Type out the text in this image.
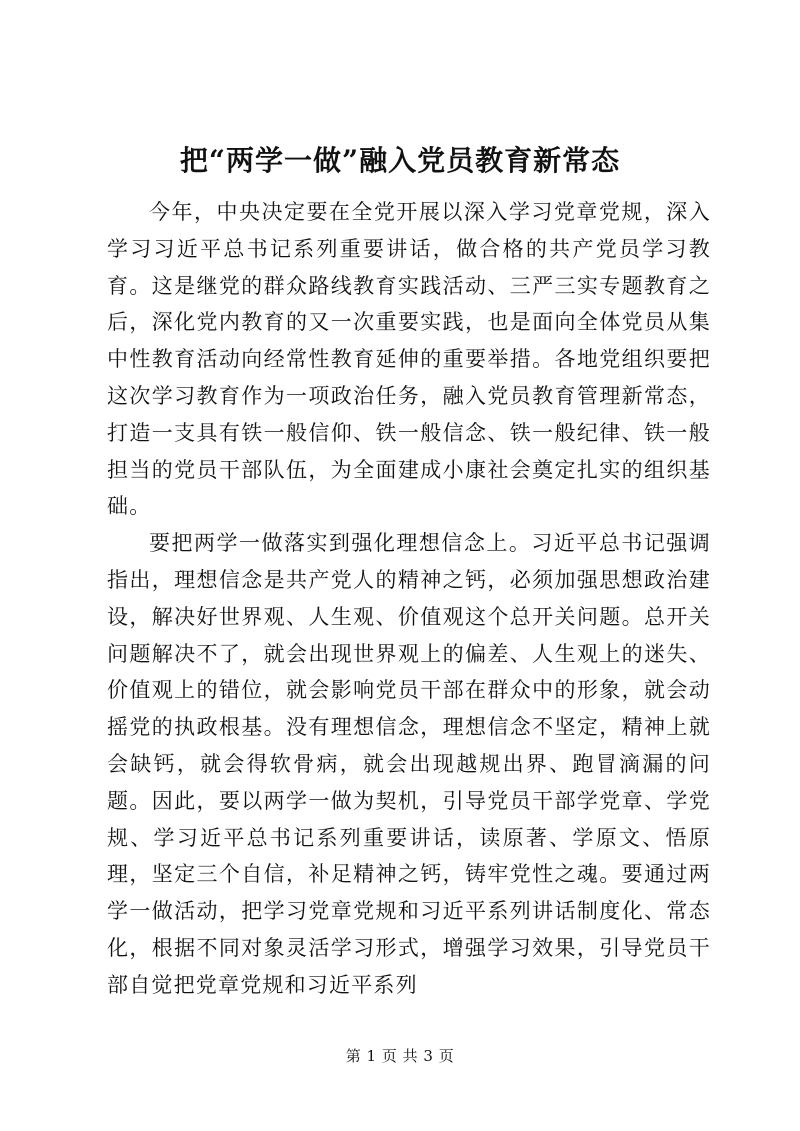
把“两学一做”融入党员教育新常态

今年，中央决定要在全党开展以深入学习党章党规，深入学习习近平总书记系列重要讲话，做合格的共产党员学习教育。这是继党的群众路线教育实践活动、三严三实专题教育之后，深化党内教育的又一次重要实践，也是面向全体党员从集中性教育活动向经常性教育延伸的重要举措。各地党组织要把这次学习教育作为一项政治任务，融入党员教育管理新常态，打造一支具有铁一般信仰、铁一般信念、铁一般纪律、铁一般担当的党员干部队伍，为全面建成小康社会奠定扎实的组织基础。

要把两学一做落实到强化理想信念上。习近平总书记强调指出，理想信念是共产党人的精神之钙，必须加强思想政治建设，解决好世界观、人生观、价值观这个总开关问题。总开关问题解决不了，就会出现世界观上的偏差、人生观上的迷失、价值观上的错位，就会影响党员干部在群众中的形象，就会动摇党的执政根基。没有理想信念，理想信念不坚定，精神上就会缺钙，就会得软骨病，就会出现越规出界、跑冒滴漏的问题。因此，要以两学一做为契机，引导党员干部学党章、学党规、学习近平总书记系列重要讲话，读原著、学原文、悟原理，坚定三个自信，补足精神之钙，铸牢党性之魂。要通过两学一做活动，把学习党章党规和习近平系列讲话制度化、常态化，根据不同对象灵活学习形式，增强学习效果，引导党员干部自觉把党章党规和习近平系列

第 1 页 共 3 页
